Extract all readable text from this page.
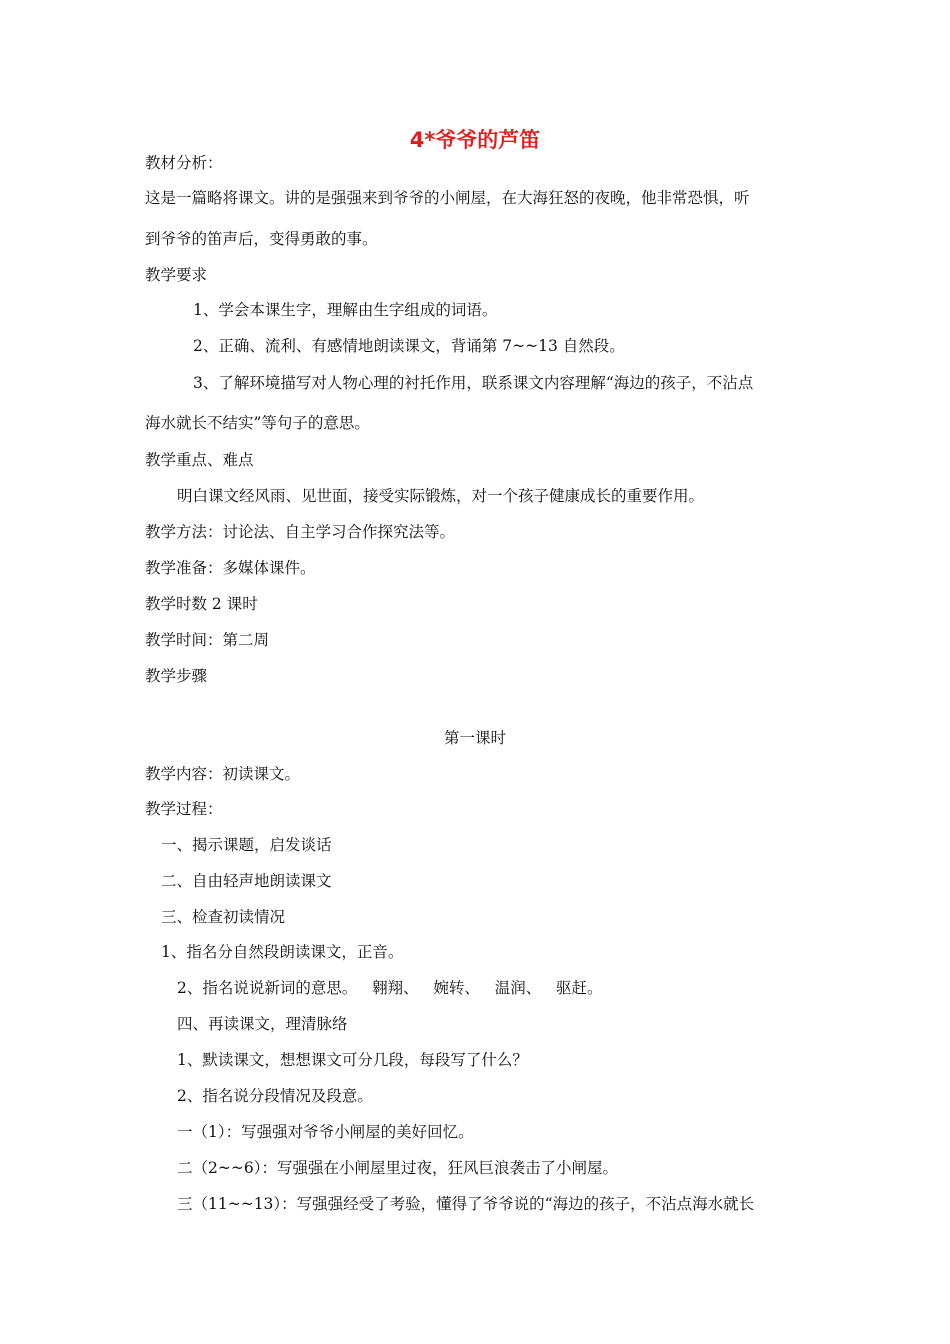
4*爷爷的芦笛
教材分析：
这是一篇略将课文。讲的是强强来到爷爷的小闸屋，在大海狂怒的夜晚，他非常恐惧，听
到爷爷的笛声后，变得勇敢的事。
教学要求
1、学会本课生字，理解由生字组成的词语。
2、正确、流利、有感情地朗读课文，背诵第 7~~13 自然段。
3、了解环境描写对人物心理的衬托作用，联系课文内容理解“海边的孩子，不沾点
海水就长不结实”等句子的意思。
教学重点、难点
明白课文经风雨、见世面，接受实际锻炼，对一个孩子健康成长的重要作用。
教学方法：讨论法、自主学习合作探究法等。
教学准备：多媒体课件。
教学时数 2 课时
教学时间：第二周
教学步骤
第一课时
教学内容：初读课文。
教学过程：
一、揭示课题，启发谈话
二、自由轻声地朗读课文
三、检查初读情况
1、指名分自然段朗读课文，正音。
2、指名说说新词的意思。   翱翔、   婉转、   温润、   驱赶。
四、再读课文，理清脉络
1、默读课文，想想课文可分几段，每段写了什么？
2、指名说分段情况及段意。
一（1）：写强强对爷爷小闸屋的美好回忆。
二（2~~6）：写强强在小闸屋里过夜，狂风巨浪袭击了小闸屋。
三（11~~13）：写强强经受了考验，懂得了爷爷说的“海边的孩子，不沾点海水就长
